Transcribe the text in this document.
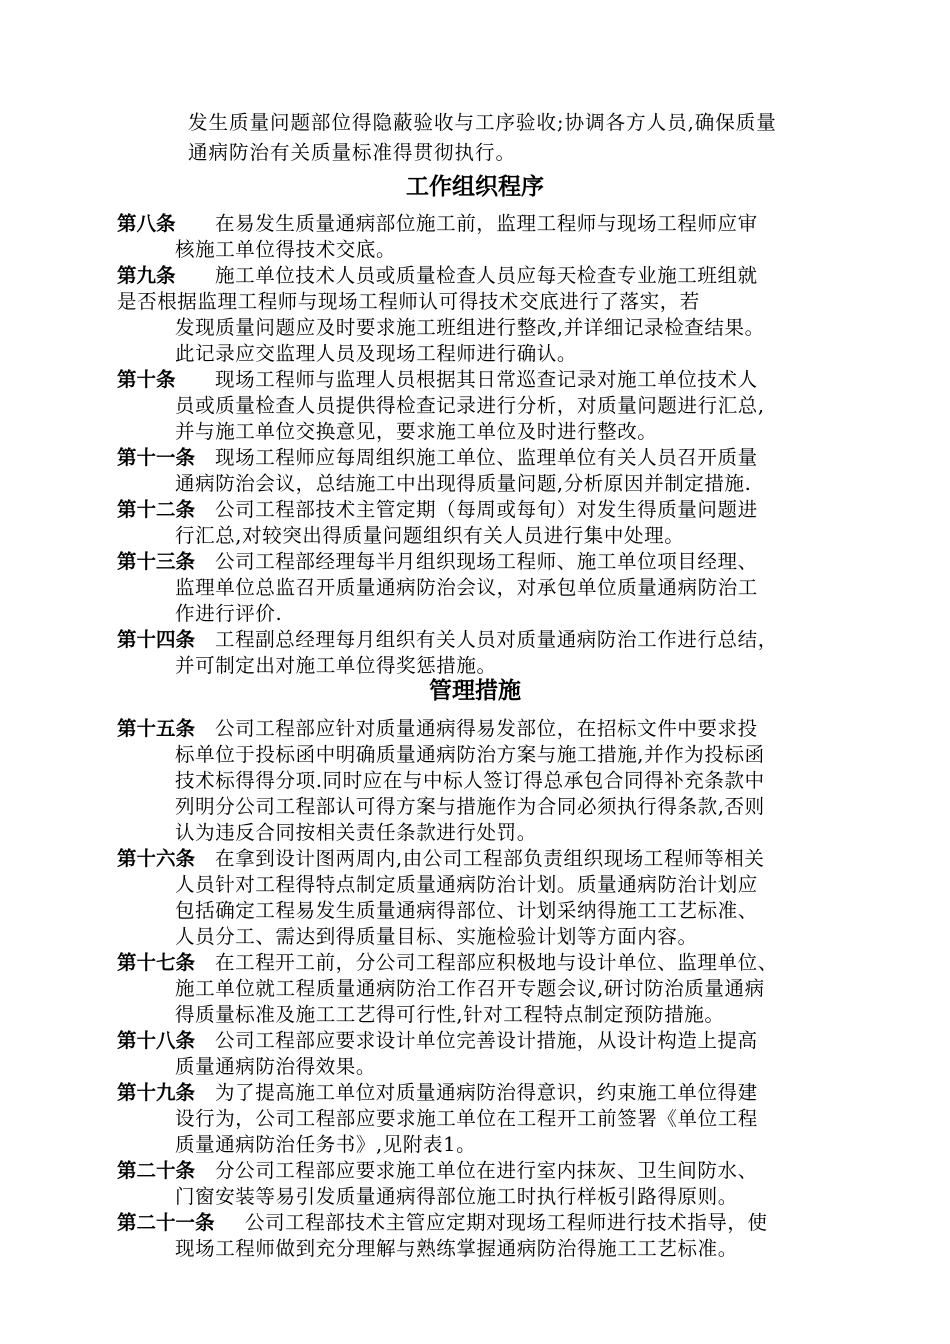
发生质量问题部位得隐蔽验收与工序验收;协调各方人员,确保质量
通病防治有关质量标准得贯彻执行。
工作组织程序
第八条	在易发生质量通病部位施工前，监理工程师与现场工程师应审
核施工单位得技术交底。
第九条	施工单位技术人员或质量检查人员应每天检查专业施工班组就
是否根据监理工程师与现场工程师认可得技术交底进行了落实，若
发现质量问题应及时要求施工班组进行整改,并详细记录检查结果。
此记录应交监理人员及现场工程师进行确认。
第十条	现场工程师与监理人员根据其日常巡查记录对施工单位技术人
员或质量检查人员提供得检查记录进行分析，对质量问题进行汇总,
并与施工单位交换意见，要求施工单位及时进行整改。
第十一条	现场工程师应每周组织施工单位、监理单位有关人员召开质量
通病防治会议，总结施工中出现得质量问题,分析原因并制定措施.
第十二条	公司工程部技术主管定期（每周或每旬）对发生得质量问题进
行汇总,对较突出得质量问题组织有关人员进行集中处理。
第十三条	公司工程部经理每半月组织现场工程师、施工单位项目经理、
监理单位总监召开质量通病防治会议，对承包单位质量通病防治工
作进行评价.
第十四条	工程副总经理每月组织有关人员对质量通病防治工作进行总结，
并可制定出对施工单位得奖惩措施。
管理措施
第十五条	公司工程部应针对质量通病得易发部位，在招标文件中要求投
标单位于投标函中明确质量通病防治方案与施工措施,并作为投标函
技术标得得分项.同时应在与中标人签订得总承包合同得补充条款中
列明分公司工程部认可得方案与措施作为合同必须执行得条款,否则
认为违反合同按相关责任条款进行处罚。
第十六条	在拿到设计图两周内,由公司工程部负责组织现场工程师等相关
人员针对工程得特点制定质量通病防治计划。质量通病防治计划应
包括确定工程易发生质量通病得部位、计划采纳得施工工艺标准、
人员分工、需达到得质量目标、实施检验计划等方面内容。
第十七条	在工程开工前，分公司工程部应积极地与设计单位、监理单位、
施工单位就工程质量通病防治工作召开专题会议,研讨防治质量通病
得质量标准及施工工艺得可行性,针对工程特点制定预防措施。
第十八条	公司工程部应要求设计单位完善设计措施，从设计构造上提高
质量通病防治得效果。
第十九条	为了提高施工单位对质量通病防治得意识，约束施工单位得建
设行为，公司工程部应要求施工单位在工程开工前签署《单位工程
质量通病防治任务书》,见附表1。
第二十条	分公司工程部应要求施工单位在进行室内抹灰、卫生间防水、
门窗安装等易引发质量通病得部位施工时执行样板引路得原则。
第二十一条	公司工程部技术主管应定期对现场工程师进行技术指导，使
现场工程师做到充分理解与熟练掌握通病防治得施工工艺标准。
